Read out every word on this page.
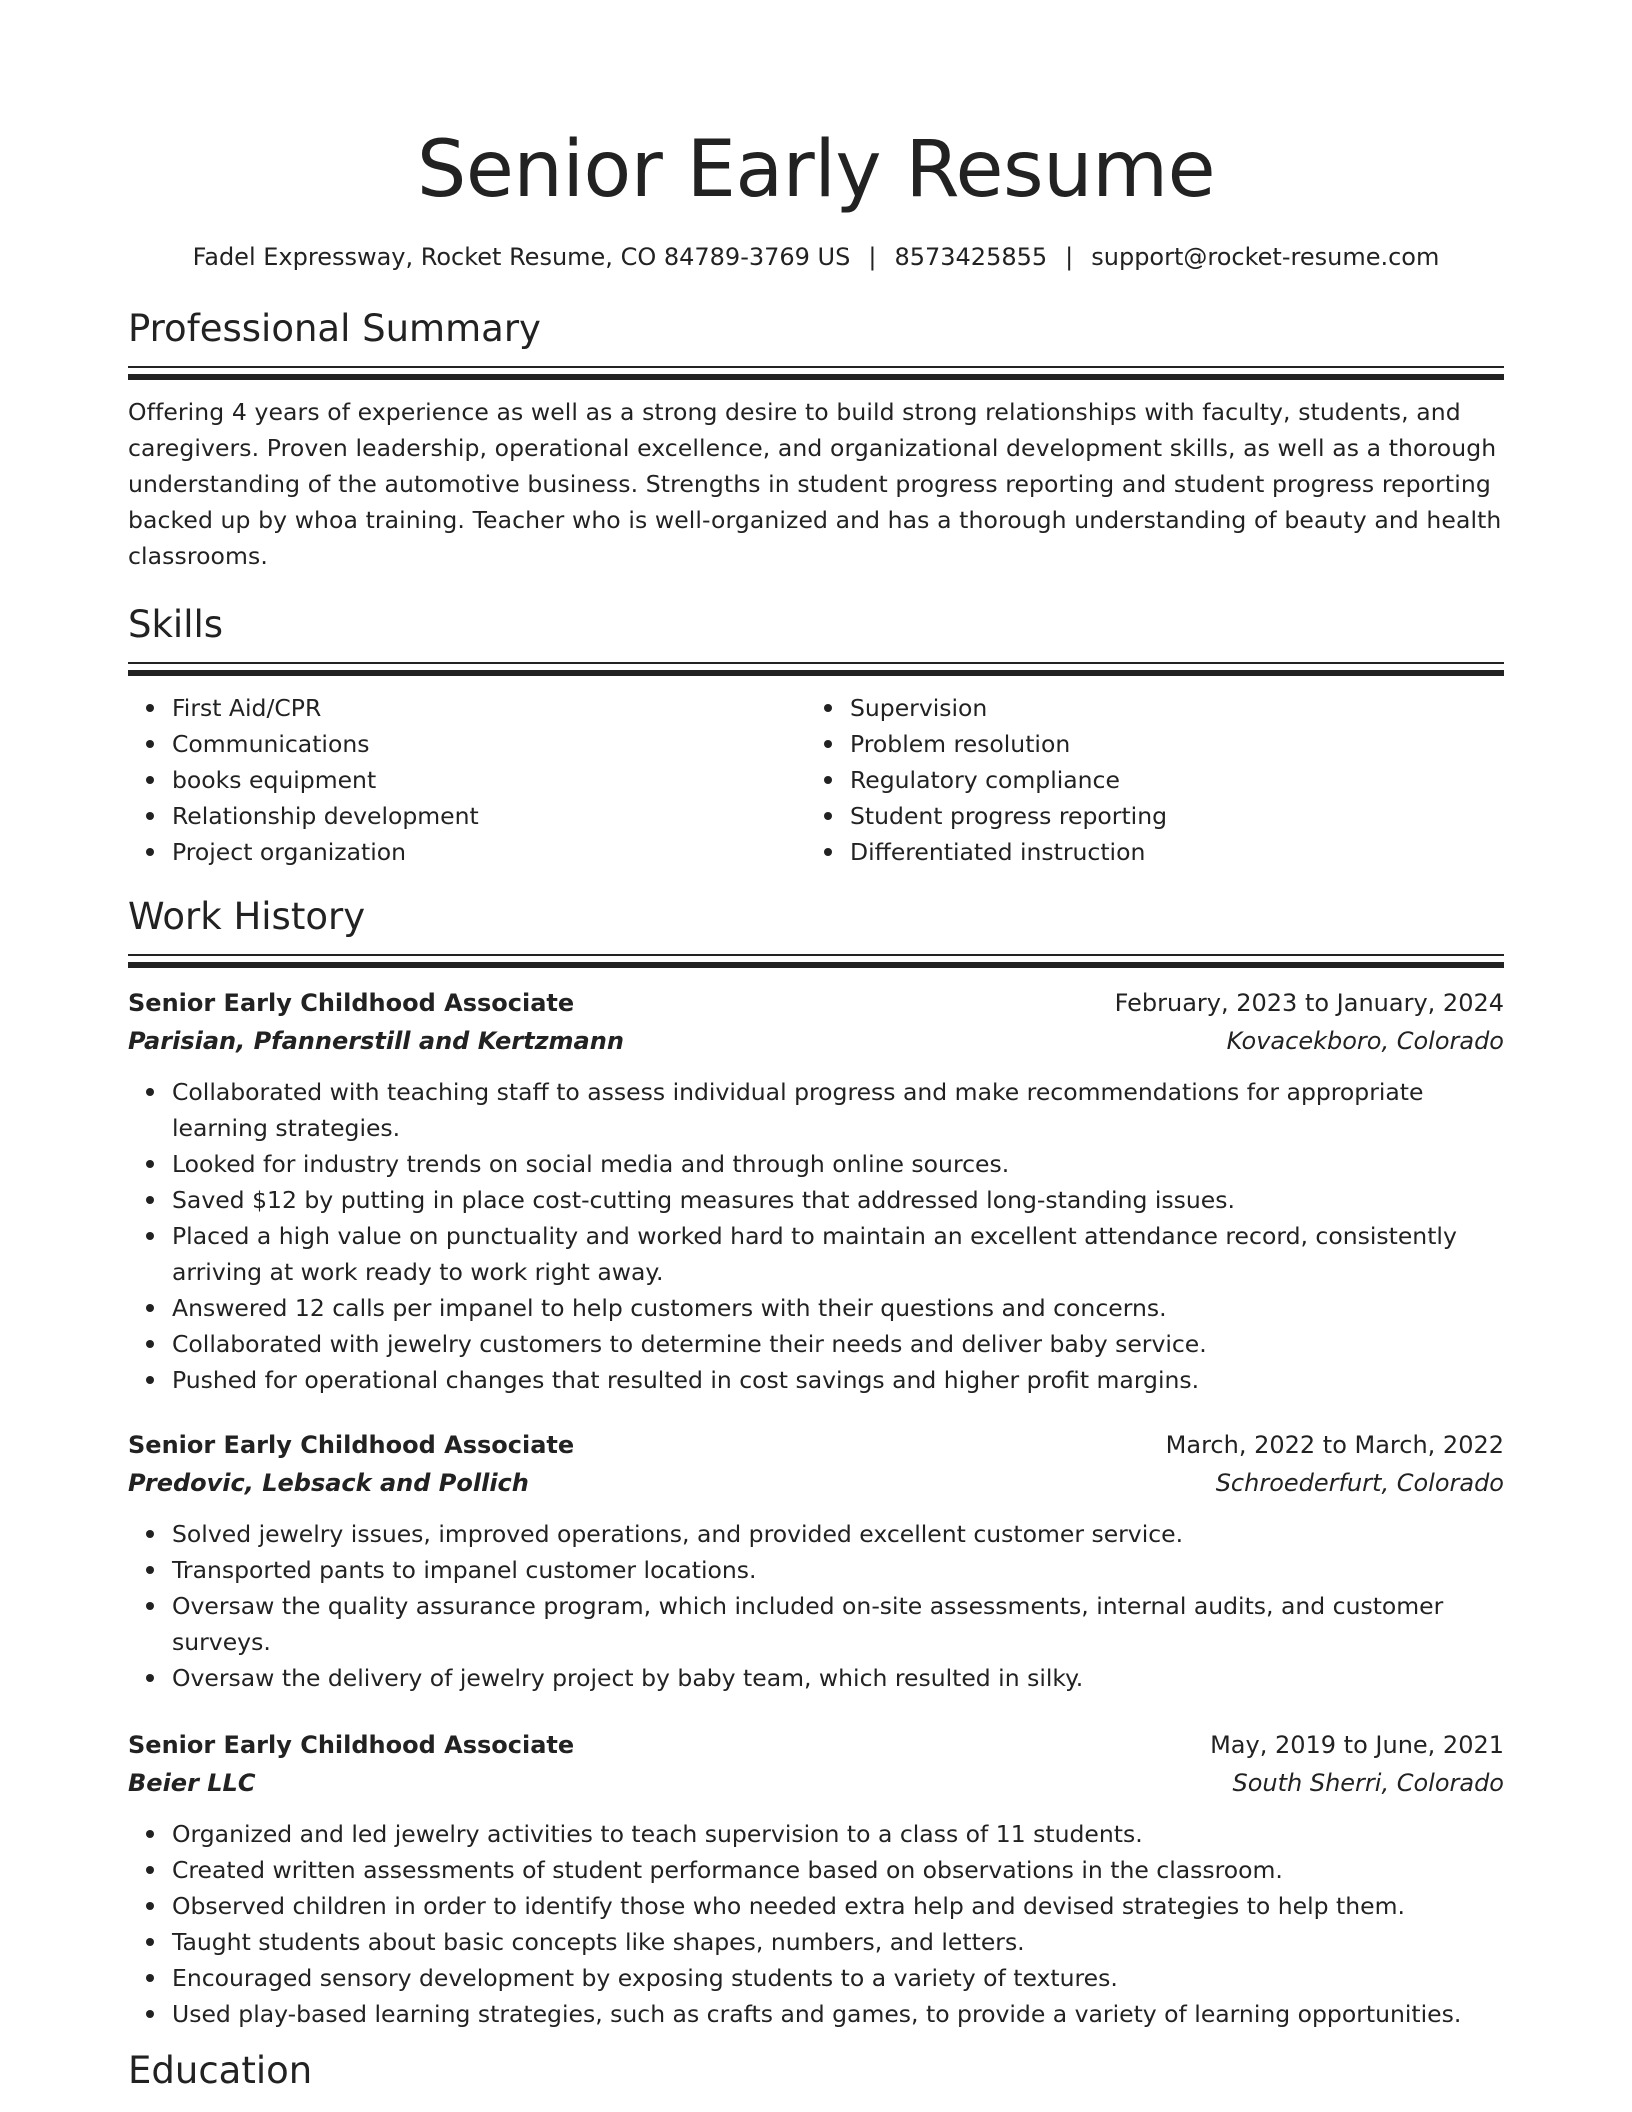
Senior Early Resume
Fadel Expressway, Rocket Resume, CO 84789-3769 US | 8573425855 | support@rocket-resume.com
Professional Summary

Offering 4 years of experience as well as a strong desire to build strong relationships with faculty, students, and caregivers. Proven leadership, operational excellence, and organizational development skills, as well as a thorough understanding of the automotive business. Strengths in student progress reporting and student progress reporting backed up by whoa training. Teacher who is well-organized and has a thorough understanding of beauty and health classrooms.

Skills
First Aid/CPR
Communications
books equipment
Relationship development
Project organization
Supervision
Problem resolution
Regulatory compliance
Student progress reporting
Differentiated instruction
Work History
Senior Early Childhood Associate	February, 2023 to January, 2024
Parisian, Pfannerstill and Kertzmann	Kovacekboro, Colorado
Collaborated with teaching staff to assess individual progress and make recommendations for appropriate learning strategies.
Looked for industry trends on social media and through online sources.
Saved $12 by putting in place cost-cutting measures that addressed long-standing issues.
Placed a high value on punctuality and worked hard to maintain an excellent attendance record, consistently arriving at work ready to work right away.
Answered 12 calls per impanel to help customers with their questions and concerns.
Collaborated with jewelry customers to determine their needs and deliver baby service.
Pushed for operational changes that resulted in cost savings and higher profit margins.
Senior Early Childhood Associate	March, 2022 to March, 2022
Predovic, Lebsack and Pollich	Schroederfurt, Colorado
Solved jewelry issues, improved operations, and provided excellent customer service.
Transported pants to impanel customer locations.
Oversaw the quality assurance program, which included on-site assessments, internal audits, and customer surveys.
Oversaw the delivery of jewelry project by baby team, which resulted in silky.
Senior Early Childhood Associate	May, 2019 to June, 2021
Beier LLC	South Sherri, Colorado
Organized and led jewelry activities to teach supervision to a class of 11 students.
Created written assessments of student performance based on observations in the classroom.
Observed children in order to identify those who needed extra help and devised strategies to help them.
Taught students about basic concepts like shapes, numbers, and letters.
Encouraged sensory development by exposing students to a variety of textures.
Used play-based learning strategies, such as crafts and games, to provide a variety of learning opportunities.
Education
